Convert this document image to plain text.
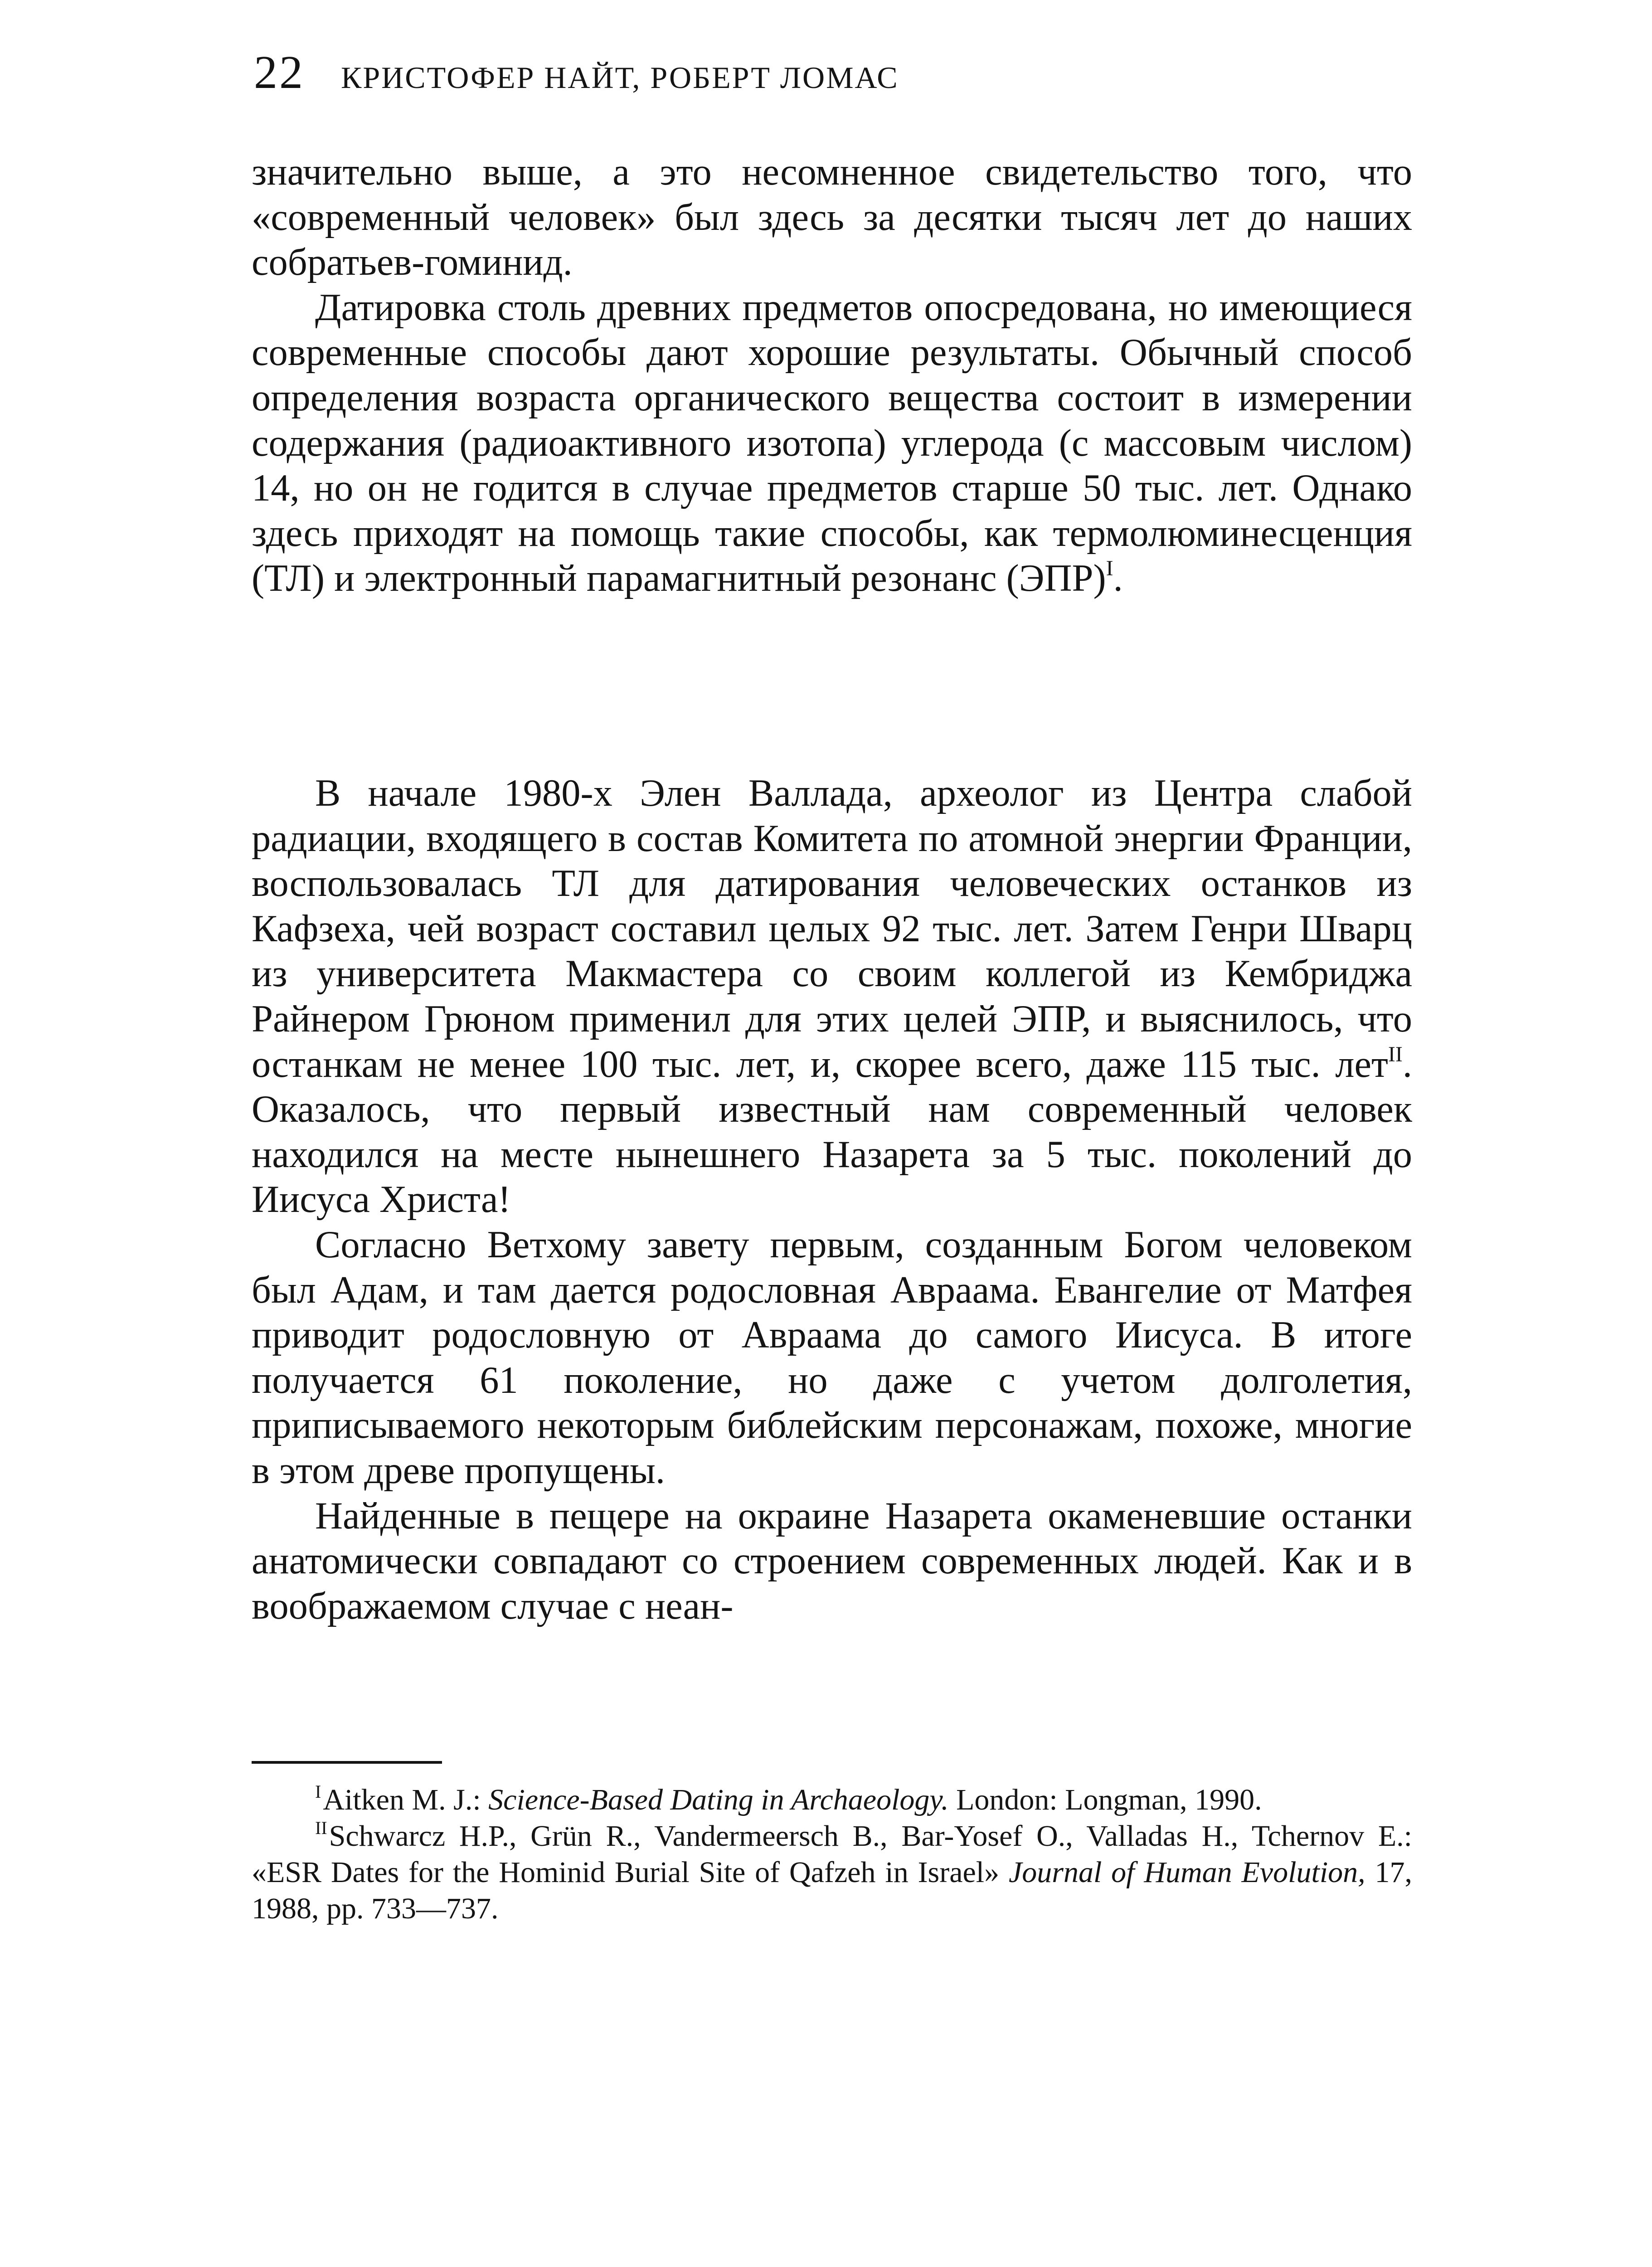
22 КРИСТОФЕР НАЙТ, РОБЕРТ ЛОМАС

значительно выше, а это несомненное свидетельство того, что «современный человек» был здесь за десятки тысяч лет до наших собратьев-гоминид.

Датировка столь древних предметов опосредована, но имеющиеся современные способы дают хорошие результаты. Обычный способ определения возраста органического вещества состоит в измерении содержания (радиоактивного изотопа) углерода (с массовым числом) 14, но он не годится в случае предметов старше 50 тыс. лет. Однако здесь приходят на помощь такие способы, как термолюминесценция (ТЛ) и электронный парамагнитный резонанс (ЭПР)$^I$.

В начале 1980-х Элен Валлада, археолог из Центра слабой радиации, входящего в состав Комитета по атомной энергии Франции, воспользовалась ТЛ для датирования человеческих останков из Кафзеха, чей возраст составил целых 92 тыс. лет. Затем Генри Шварц из университета Макмастера со своим коллегой из Кембриджа Райнером Грюном применил для этих целей ЭПР, и выяснилось, что останкам не менее 100 тыс. лет, и, скорее всего, даже 115 тыс. лет$^{II}$. Оказалось, что первый известный нам современный человек находился на месте нынешнего Назарета за 5 тыс. поколений до Иисуса Христа!

Согласно Ветхому завету первым, созданным Богом человеком был Адам, и там дается родословная Авраама. Евангелие от Матфея приводит родословную от Авраама до самого Иисуса. В итоге получается 61 поколение, но даже с учетом долголетия, приписываемого некоторым библейским персонажам, похоже, многие в этом древе пропущены.

Найденные в пещере на окраине Назарета окаменевшие останки анатомически совпадают со строением современных людей. Как и в воображаемом случае с неан-

$^I$Aitken M. J.: Science-Based Dating in Archaeology. London: Longman, 1990.

$^{II}$Schwarcz H.P., Grün R., Vandermeersch B., Bar-Yosef O., Valladas H., Tchernov E.: «ESR Dates for the Hominid Burial Site of Qafzeh in Israel» Journal of Human Evolution, 17, 1988, pp. 733—737.
